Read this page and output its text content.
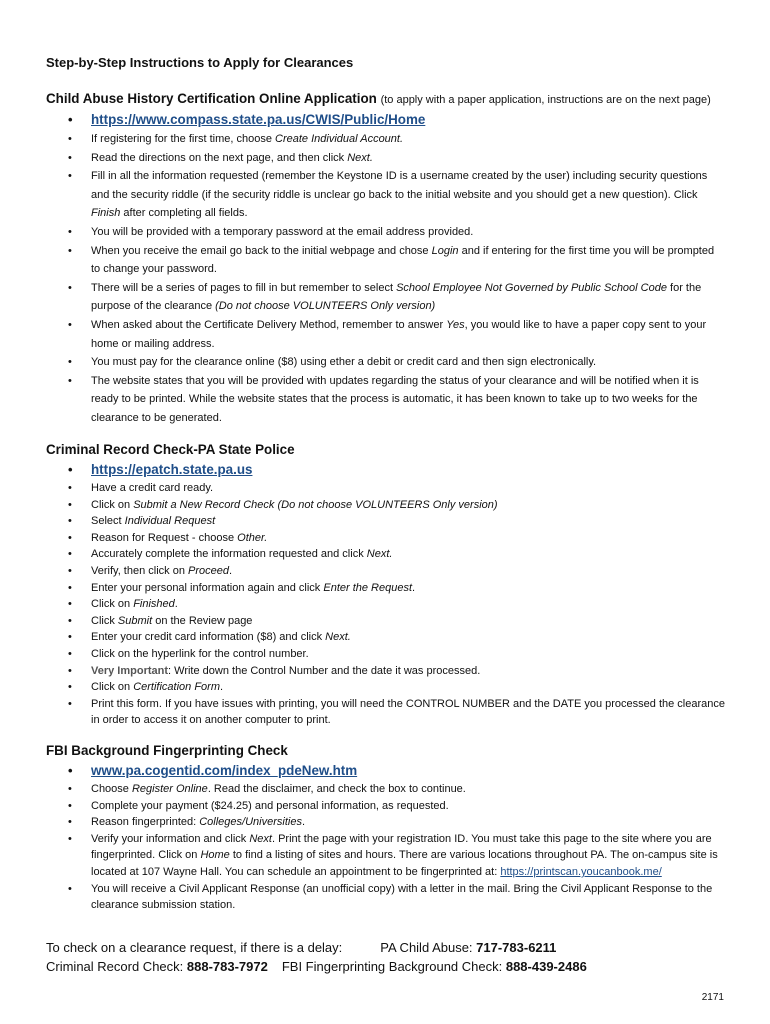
Step-by-Step Instructions to Apply for Clearances
Child Abuse History Certification Online Application (to apply with a paper application, instructions are on the next page)
• https://www.compass.state.pa.us/CWIS/Public/Home
• If registering for the first time, choose Create Individual Account.
• Read the directions on the next page, and then click Next.
• Fill in all the information requested (remember the Keystone ID is a username created by the user) including security questions and the security riddle (if the security riddle is unclear go back to the initial website and you should get a new question). Click Finish after completing all fields.
• You will be provided with a temporary password at the email address provided.
• When you receive the email go back to the initial webpage and chose Login and if entering for the first time you will be prompted to change your password.
• There will be a series of pages to fill in but remember to select School Employee Not Governed by Public School Code for the purpose of the clearance (Do not choose VOLUNTEERS Only version)
• When asked about the Certificate Delivery Method, remember to answer Yes, you would like to have a paper copy sent to your home or mailing address.
• You must pay for the clearance online ($8) using ether a debit or credit card and then sign electronically.
• The website states that you will be provided with updates regarding the status of your clearance and will be notified when it is ready to be printed. While the website states that the process is automatic, it has been known to take up to two weeks for the clearance to be generated.
Criminal Record Check-PA State Police
• https://epatch.state.pa.us
• Have a credit card ready.
• Click on Submit a New Record Check (Do not choose VOLUNTEERS Only version)
• Select Individual Request
• Reason for Request - choose Other.
• Accurately complete the information requested and click Next.
• Verify, then click on Proceed.
• Enter your personal information again and click Enter the Request.
• Click on Finished.
• Click Submit on the Review page
• Enter your credit card information ($8) and click Next.
• Click on the hyperlink for the control number.
• Very Important: Write down the Control Number and the date it was processed.
• Click on Certification Form.
• Print this form. If you have issues with printing, you will need the CONTROL NUMBER and the DATE you processed the clearance in order to access it on another computer to print.
FBI Background Fingerprinting Check
• www.pa.cogentid.com/index_pdeNew.htm
• Choose Register Online. Read the disclaimer, and check the box to continue.
• Complete your payment ($24.25) and personal information, as requested.
• Reason fingerprinted: Colleges/Universities.
• Verify your information and click Next. Print the page with your registration ID. You must take this page to the site where you are fingerprinted. Click on Home to find a listing of sites and hours. There are various locations throughout PA. The on-campus site is located at 107 Wayne Hall. You can schedule an appointment to be fingerprinted at: https://printscan.youcanbook.me/
• You will receive a Civil Applicant Response (an unofficial copy) with a letter in the mail. Bring the Civil Applicant Response to the clearance submission station.
To check on a clearance request, if there is a delay:	PA Child Abuse: 717-783-6211
Criminal Record Check: 888-783-7972 FBI Fingerprinting Background Check: 888-439-2486
2171
